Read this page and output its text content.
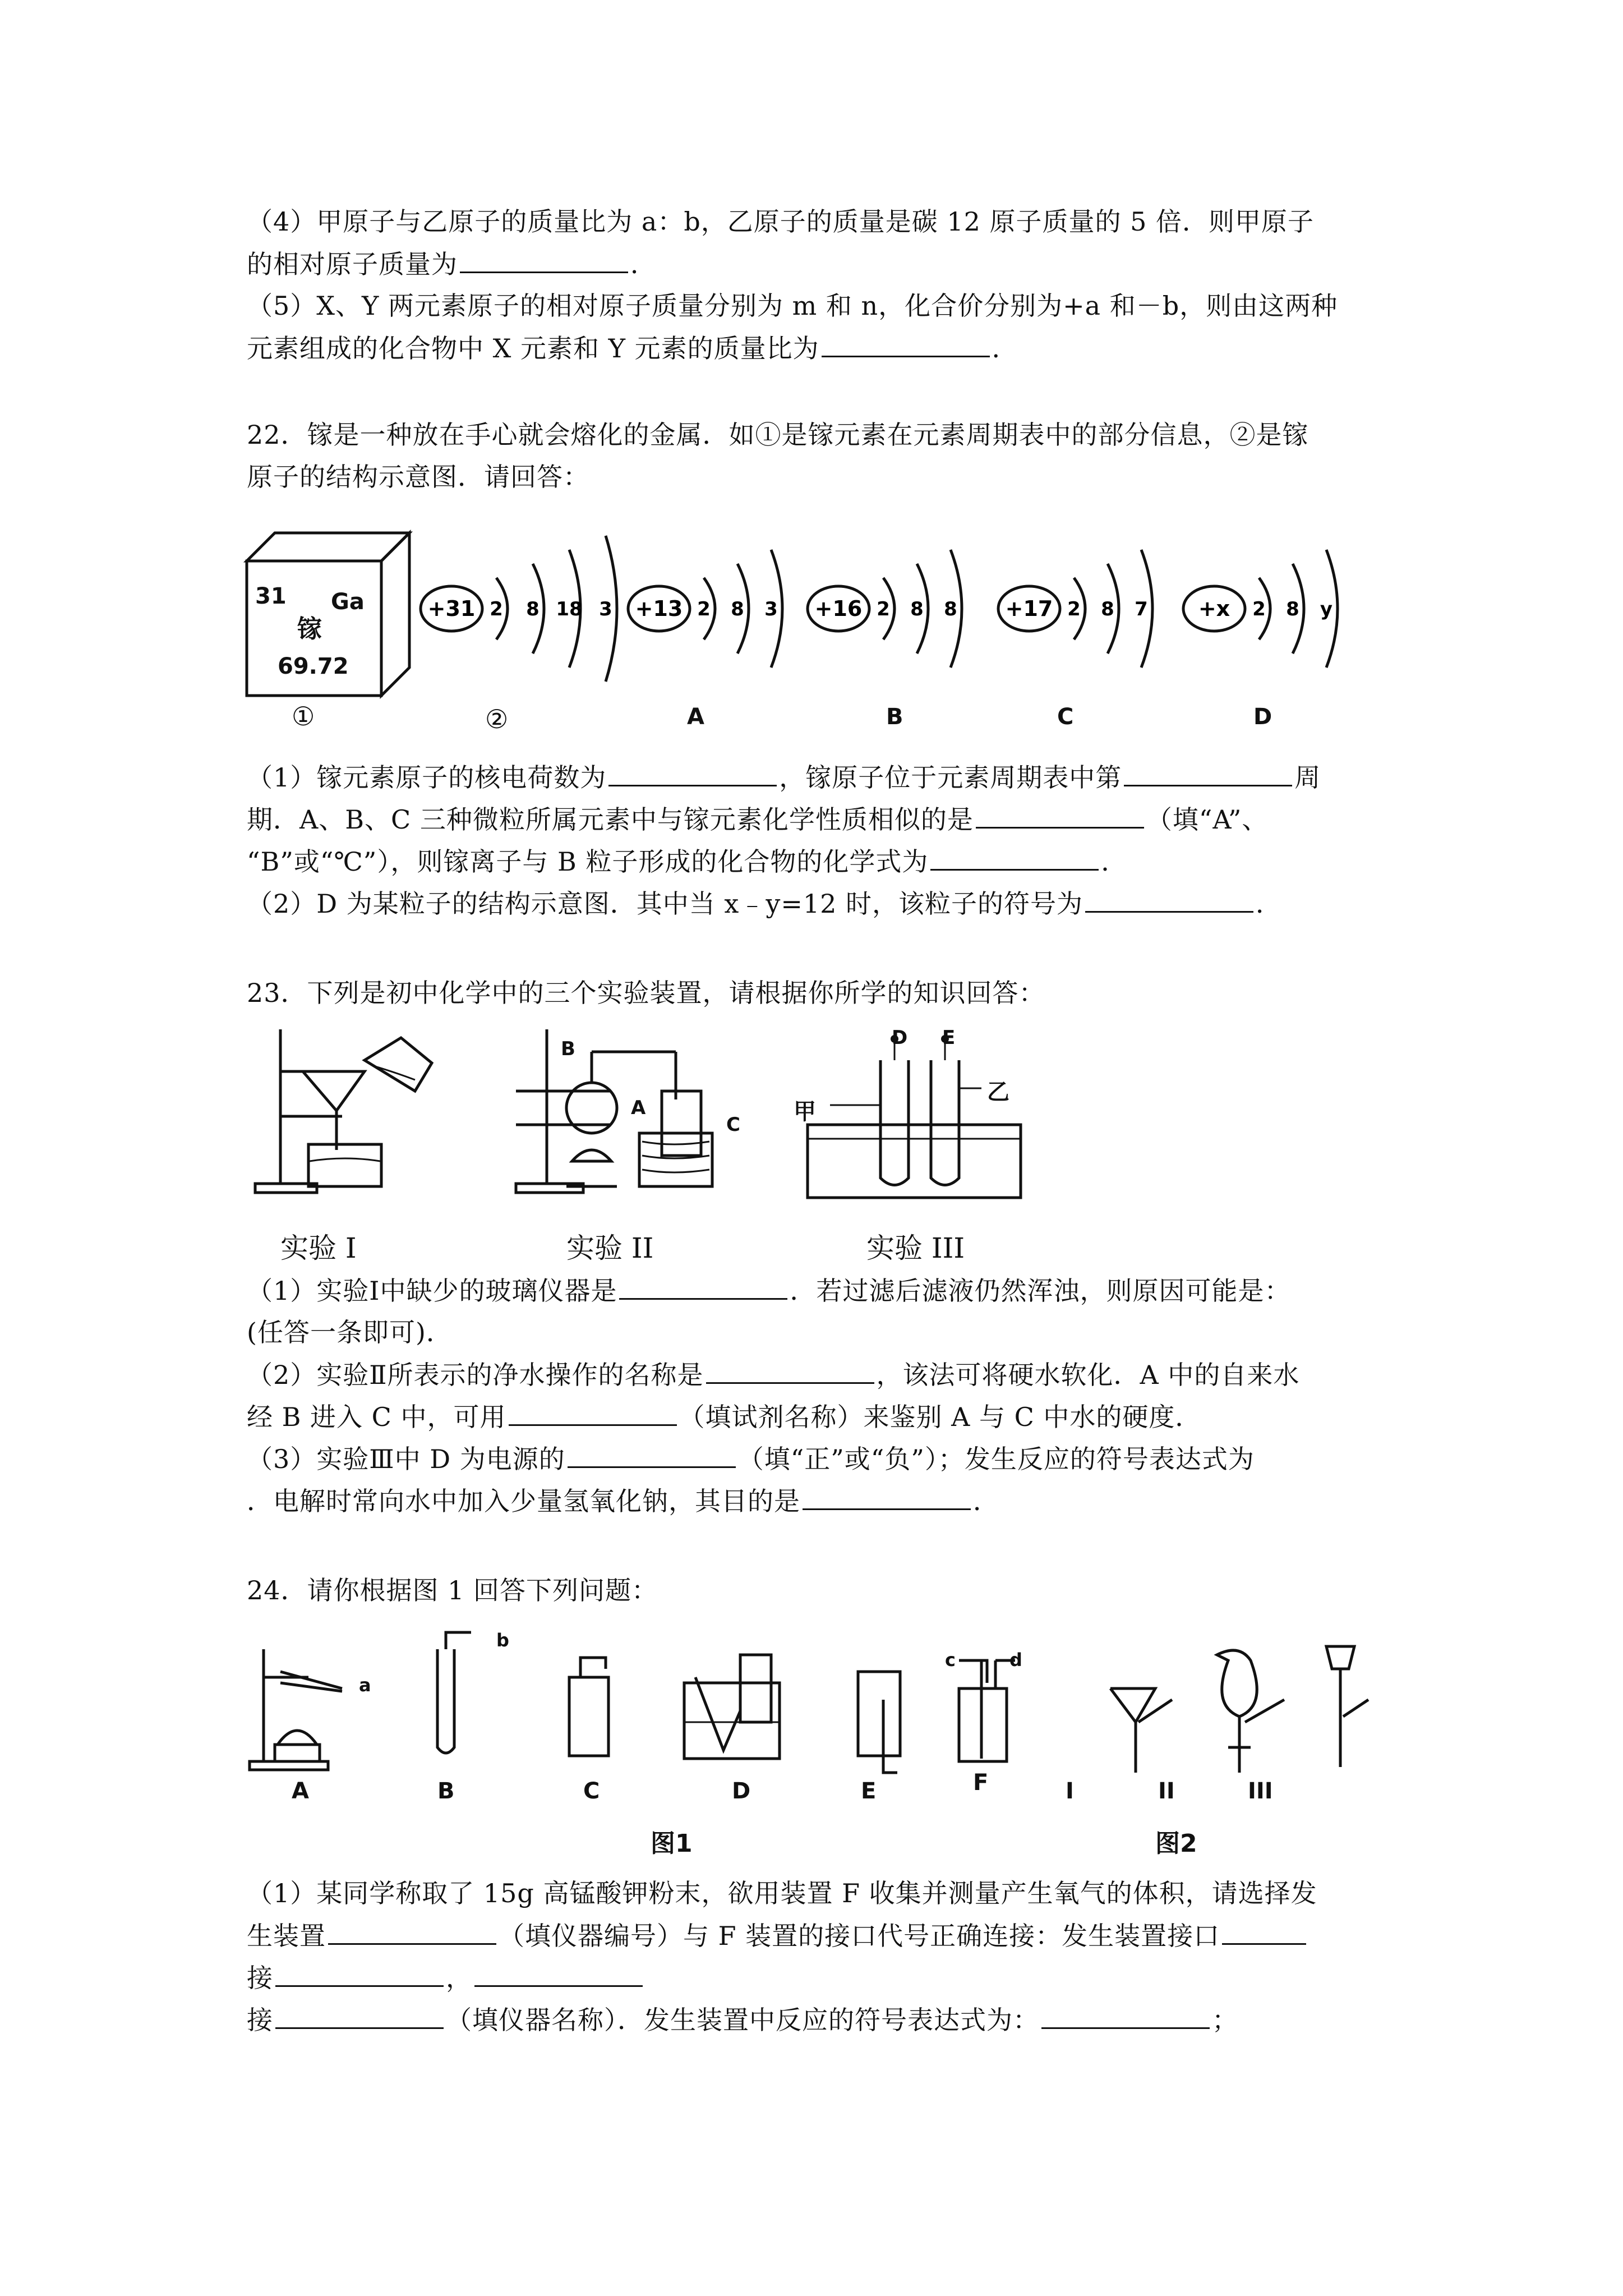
（4）甲原子与乙原子的质量比为 a：b，乙原子的质量是碳 12 原子质量的 5 倍．则甲原子
的相对原子质量为	．
（5）X、Y 两元素原子的相对原子质量分别为 m 和 n，化合价分别为+a 和－b，则由这两种
元素组成的化合物中 X 元素和 Y 元素的质量比为	．
22．镓是一种放在手心就会熔化的金属．如①是镓元素在元素周期表中的部分信息，②是镓
原子的结构示意图．请回答：
31 Ga
镓
69.72
①
+31 2 8 18 3
②
+13 2 8 3
A
+16 2 8 8
B
+17 2 8 7
C
+x 2 8 y
D
（1）镓元素原子的核电荷数为	，镓原子位于元素周期表中第	周
期．A、B、C 三种微粒所属元素中与镓元素化学性质相似的是	（填“A”、
“B”或“℃”），则镓离子与 B 粒子形成的化合物的化学式为	．
（2）D 为某粒子的结构示意图．其中当 x﹣y=12 时，该粒子的符号为	．
23．下列是初中化学中的三个实验装置，请根据你所学的知识回答：
实验 I
B
A
C
实验 II
D E
甲
乙
实验 III
（1）实验Ⅰ中缺少的玻璃仪器是	．若过滤后滤液仍然浑浊，则原因可能是：
(任答一条即可)．
（2）实验Ⅱ所表示的净水操作的名称是	，该法可将硬水软化．A 中的自来水
经 B 进入 C 中，可用	（填试剂名称）来鉴别 A 与 C 中水的硬度．
（3）实验Ⅲ中 D 为电源的	（填“正”或“负”）；发生反应的符号表达式为
．电解时常向水中加入少量氢氧化钠，其目的是	．
24．请你根据图 1 回答下列问题：
a
b
c	d
A	B	C	D	E	F	I	II	III
图1	图2
（1）某同学称取了 15g 高锰酸钾粉末，欲用装置 F 收集并测量产生氧气的体积，请选择发
生装置	（填仪器编号）与 F 装置的接口代号正确连接：发生装置接口
接	，
接	（填仪器名称）．发生装置中反应的符号表达式为：	；
